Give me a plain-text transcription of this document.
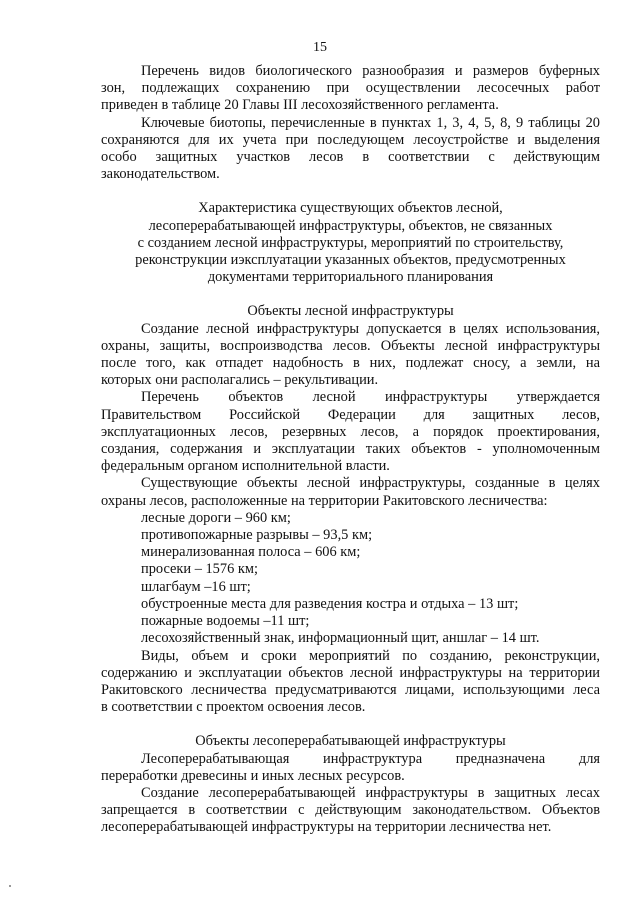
15

Перечень видов биологического разнообразия и размеров буферных

зон, подлежащих сохранению при осуществлении лесосечных работ

приведен в таблице 20 Главы III лесохозяйственного регламента.

Ключевые биотопы, перечисленные в пунктах 1, 3, 4, 5, 8, 9 таблицы 20

сохраняются для их учета при последующем лесоустройстве и выделения

особо защитных участков лесов в соответствии с действующим

законодательством.

Характеристика существующих объектов лесной,

лесоперерабатывающей инфраструктуры, объектов, не связанных

с созданием лесной инфраструктуры, мероприятий по строительству,

реконструкции иэксплуатации указанных объектов, предусмотренных

документами территориального планирования

Объекты лесной инфраструктуры

Создание лесной инфраструктуры допускается в целях использования,

охраны, защиты, воспроизводства лесов. Объекты лесной инфраструктуры

после того, как отпадет надобность в них, подлежат сносу, а земли, на

которых они располагались – рекультивации.

Перечень объектов лесной инфраструктуры утверждается

Правительством Российской Федерации для защитных лесов,

эксплуатационных лесов, резервных лесов, а порядок проектирования,

создания, содержания и эксплуатации таких объектов - уполномоченным

федеральным органом исполнительной власти.

Существующие объекты лесной инфраструктуры, созданные в целях

охраны лесов, расположенные на территории Ракитовского лесничества:

лесные дороги – 960 км;

противопожарные разрывы – 93,5 км;

минерализованная полоса – 606 км;

просеки – 1576 км;

шлагбаум –16 шт;

обустроенные места для разведения костра и отдыха – 13 шт;

пожарные водоемы –11 шт;

лесохозяйственный знак, информационный щит, аншлаг – 14 шт.

Виды, объем и сроки мероприятий по созданию, реконструкции,

содержанию и эксплуатации объектов лесной инфраструктуры на территории

Ракитовского лесничества предусматриваются лицами, использующими леса

в соответствии с проектом освоения лесов.

Объекты лесоперерабатывающей инфраструктуры

Лесоперерабатывающая инфраструктура предназначена для

переработки древесины и иных лесных ресурсов.

Создание лесоперерабатывающей инфраструктуры в защитных лесах

запрещается в соответствии с действующим законодательством. Объектов

лесоперерабатывающей инфраструктуры на территории лесничества нет.
